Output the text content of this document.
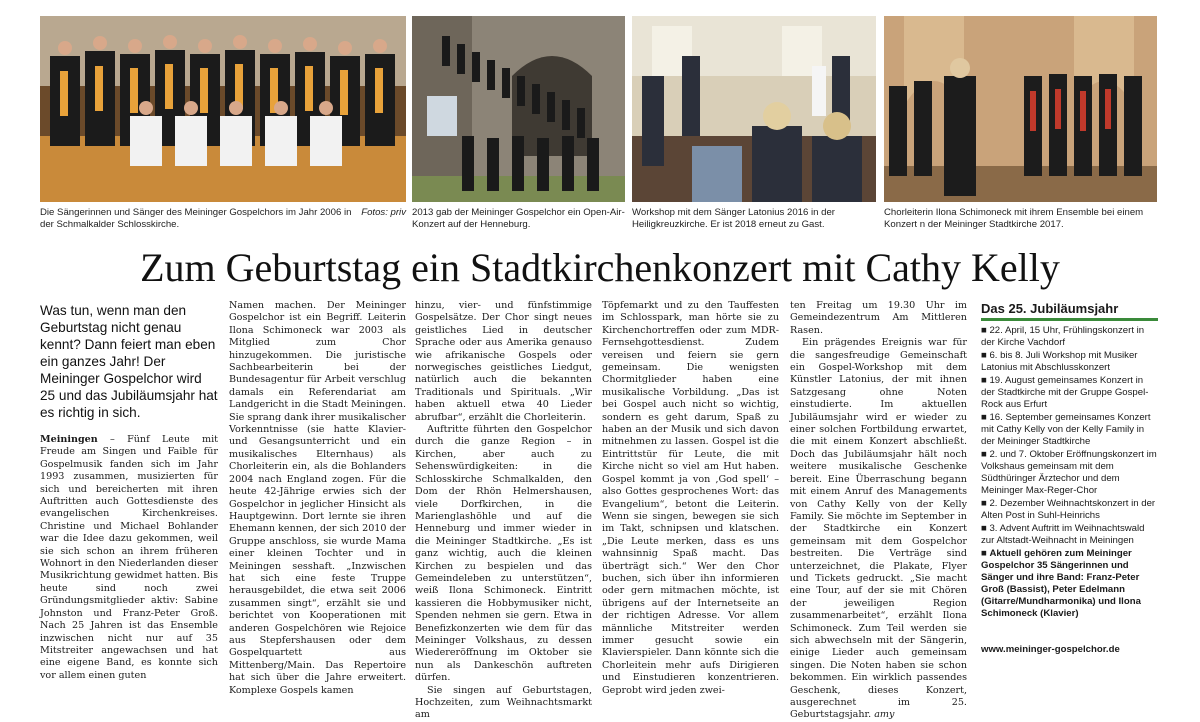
Fotos: priv
Die Sängerinnen und Sänger des Meininger Gospelchors im Jahr 2006 in der Schmalkalder Schlosskirche.
2013 gab der Meininger Gospelchor ein Open-Air-Konzert auf der Henneburg.
Workshop mit dem Sänger Latonius 2016 in der Heiligkreuzkirche. Er ist 2018 erneut zu Gast.
Chorleiterin Ilona Schimoneck mit ihrem Ensemble bei einem Konzert n der Meininger Stadtkirche 2017.
Zum Geburtstag ein Stadtkirchenkonzert mit Cathy Kelly
Was tun, wenn man den Geburtstag nicht genau kennt? Dann feiert man eben ein ganzes Jahr! Der Meininger Gospelchor wird 25 und das Jubiläumsjahr hat es richtig in sich.

Meiningen – Fünf Leute mit Freude am Singen und Faible für Gospelmusik fanden sich im Jahr 1993 zusammen, musizierten für sich und bereicherten mit ihren Auftritten auch Gottesdienste des evangelischen Kirchenkreises. Christine und Michael Bohlander war die Idee dazu gekommen, weil sie sich schon an ihrem früheren Wohnort in den Niederlanden dieser Musikrichtung gewidmet hatten. Bis heute sind noch zwei Gründungsmitglieder aktiv: Sabine Johnston und Franz-Peter Groß. Nach 25 Jahren ist das Ensemble inzwischen nicht nur auf 35 Mitstreiter angewachsen und hat eine eigene Band, es konnte sich vor allem einen guten

Namen machen. Der Meininger Gospelchor ist ein Begriff. Leiterin Ilona Schimoneck war 2003 als Mitglied zum Chor hinzugekommen. Die juristische Sachbearbeiterin bei der Bundesagentur für Arbeit verschlug damals ein Referendariat am Landgericht in die Stadt Meiningen. Sie sprang dank ihrer musikalischer Vorkenntnisse (sie hatte Klavier- und Gesangsunterricht und ein musikalisches Elternhaus) als Chorleiterin ein, als die Bohlanders 2004 nach England zogen. Für die heute 42-Jährige erwies sich der Gospelchor in jeglicher Hinsicht als Hauptgewinn. Dort lernte sie ihren Ehemann kennen, der sich 2010 der Gruppe anschloss, sie wurde Mama einer kleinen Tochter und in Meiningen sesshaft. „Inzwischen hat sich eine feste Truppe herausgebildet, die etwa seit 2006 zusammen singt“, erzählt sie und berichtet von Kooperationen mit anderen Gospelchören wie Rejoice aus Stepfershausen oder dem Gospelquartett aus Mittenberg/Main. Das Repertoire hat sich über die Jahre erweitert. Komplexe Gospels kamen

hinzu, vier- und fünfstimmige Gospelsätze. Der Chor singt neues geistliches Lied in deutscher Sprache oder aus Amerika genauso wie afrikanische Gospels oder norwegisches geistliches Liedgut, natürlich auch die bekannten Traditionals und Spirituals. „Wir haben aktuell etwa 40 Lieder abrufbar“, erzählt die Chorleiterin.

Auftritte führten den Gospelchor durch die ganze Region – in Kirchen, aber auch zu Sehenswürdigkeiten: in die Schlosskirche Schmalkalden, den Dom der Rhön Helmershausen, viele Dorfkirchen, in die Marienglashöhle und auf die Henneburg und immer wieder in die Meininger Stadtkirche. „Es ist ganz wichtig, auch die kleinen Kirchen zu bespielen und das Gemeindeleben zu unterstützen“, weiß Ilona Schimoneck. Eintritt kassieren die Hobbymusiker nicht, Spenden nehmen sie gern. Etwa in Benefizkonzerten wie dem für das Meininger Volkshaus, zu dessen Wiedereröffnung im Oktober sie nun als Dankeschön auftreten dürfen.

Sie singen auf Geburtstagen, Hochzeiten, zum Weihnachtsmarkt am

Töpfemarkt und zu den Tauffesten im Schlosspark, man hörte sie zu Kirchenchortreffen oder zum MDR-Fernsehgottesdienst. Zudem vereisen und feiern sie gern gemeinsam. Die wenigsten Chormitglieder haben eine musikalische Vorbildung. „Das ist bei Gospel auch nicht so wichtig, sondern es geht darum, Spaß zu haben an der Musik und sich davon mitnehmen zu lassen. Gospel ist die Eintrittstür für Leute, die mit Kirche nicht so viel am Hut haben. Gospel kommt ja von ‚God spell‘ – also Gottes gesprochenes Wort: das Evangelium“, betont die Leiterin. Wenn sie singen, bewegen sie sich im Takt, schnipsen und klatschen. „Die Leute merken, dass es uns wahnsinnig Spaß macht. Das überträgt sich.“ Wer den Chor buchen, sich über ihn informieren oder gern mitmachen möchte, ist übrigens auf der Internetseite an der richtigen Adresse. Vor allem männliche Mitstreiter werden immer gesucht sowie ein Klavierspieler. Dann könnte sich die Chorleitein mehr aufs Dirigieren und Einstudieren konzentrieren. Geprobt wird jeden zwei-

ten Freitag um 19.30 Uhr im Gemeindezentrum Am Mittleren Rasen.

Ein prägendes Ereignis war für die sangesfreudige Gemeinschaft ein Gospel-Workshop mit dem Künstler Latonius, der mit ihnen Satzgesang ohne Noten einstudierte. Im aktuellen Jubiläumsjahr wird er wieder zu einer solchen Fortbildung erwartet, die mit einem Konzert abschließt. Doch das Jubiläumsjahr hält noch weitere musikalische Geschenke bereit. Eine Überraschung begann mit einem Anruf des Managements von Cathy Kelly von der Kelly Family. Sie möchte im September in der Stadtkirche ein Konzert gemeinsam mit dem Gospelchor bestreiten. Die Verträge sind unterzeichnet, die Plakate, Flyer und Tickets gedruckt. „Sie macht eine Tour, auf der sie mit Chören der jeweiligen Region zusammenarbeitet“, erzählt Ilona Schimoneck. Zum Teil werden sie sich abwechseln mit der Sängerin, einige Lieder auch gemeinsam singen. Die Noten haben sie schon bekommen. Ein wirklich passendes Geschenk, dieses Konzert, ausgerechnet im 25. Geburtstagsjahr. amy

Das 25. Jubiläumsjahr
■ 22. April, 15 Uhr, Frühlingskonzert in der Kirche Vachdorf
■ 6. bis 8. Juli Workshop mit Musiker Latonius mit Abschlusskonzert
■ 19. August gemeinsames Konzert in der Stadtkirche mit der Gruppe Gospel-Rock aus Erfurt
■ 16. September gemeinsames Konzert mit Cathy Kelly von der Kelly Family in der Meininger Stadtkirche
■ 2. und 7. Oktober Eröffnungskonzert im Volkshaus gemeinsam mit dem Südthüringer Ärztechor und dem Meininger Max-Reger-Chor
■ 2. Dezember Weihnachtskonzert in der Alten Post in Suhl-Heinrichs
■ 3. Advent Auftritt im Weihnachtswald zur Altstadt-Weihnacht in Meiningen
■ Aktuell gehören zum Meininger Gospelchor 35 Sängerinnen und Sänger und ihre Band: Franz-Peter Groß (Bassist), Peter Edelmann (Gitarre/Mundharmonika) und Ilona Schimoneck (Klavier)
www.meininger-gospelchor.de
